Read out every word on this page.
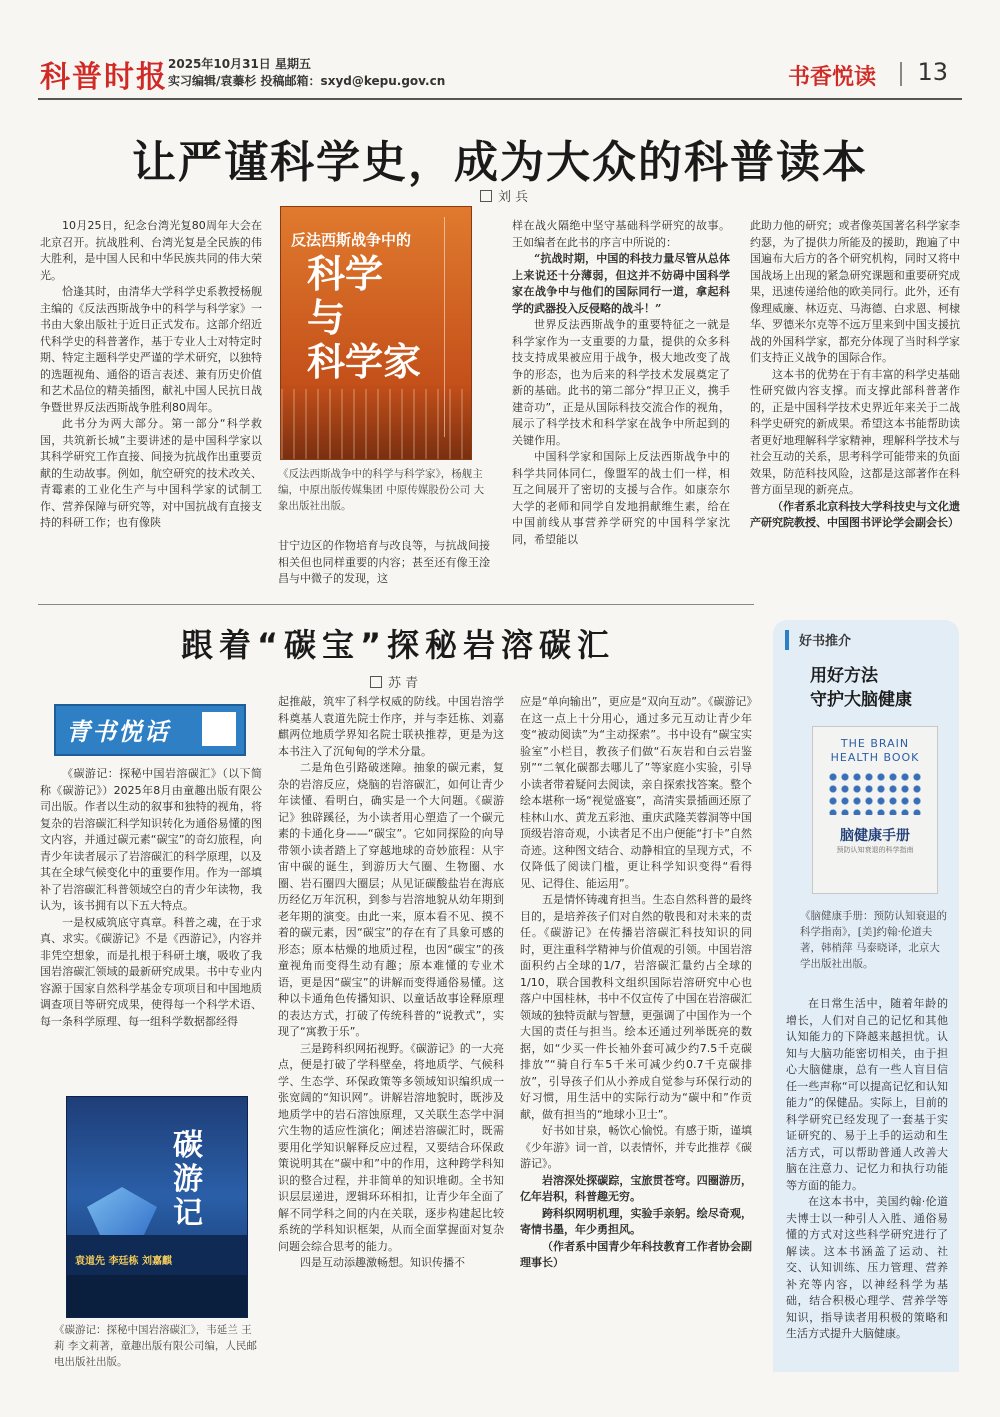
科普时报 2025年10月31日 星期五
实习编辑/袁蓁杉 投稿邮箱：sxyd@kepu.gov.cn	书香悦读 13
让严谨科学史，成为大众的科普读本
刘 兵

10月25日，纪念台湾光复80周年大会在北京召开。抗战胜利、台湾光复是全民族的伟大胜利，是中国人民和中华民族共同的伟大荣光。

恰逢其时，由清华大学科学史系教授杨舰主编的《反法西斯战争中的科学与科学家》一书由大象出版社于近日正式发布。这部介绍近代科学史的科普著作，基于专业人士对特定时期、特定主题科学史严谨的学术研究，以独特的选题视角、通俗的语言表述、兼有历史价值和艺术品位的精美插图，献礼中国人民抗日战争暨世界反法西斯战争胜利80周年。

此书分为两大部分。第一部分“科学救国，共筑新长城”主要讲述的是中国科学家以其科学研究工作直接、间接为抗战作出重要贡献的生动故事。例如，航空研究的技术改关、青霉素的工业化生产与中国科学家的试制工作、营养保障与研究等，对中国抗战有直接支持的科研工作；也有像陕

反法西斯战争中的
科学
与
科学家
《反法西斯战争中的科学与科学家》，杨舰主编，中原出版传媒集团 中原传媒股份公司 大象出版社出版。

甘宁边区的作物培育与改良等，与抗战间接相关但也同样重要的内容；甚至还有像王淦昌与中微子的发现，这

样在战火隔绝中坚守基础科学研究的故事。王如编者在此书的序言中所说的：

“抗战时期，中国的科技力量尽管从总体上来说还十分薄弱，但这并不妨碍中国科学家在战争中与他们的国际同行一道，拿起科学的武器投入反侵略的战斗！”

世界反法西斯战争的重要特征之一就是科学家作为一支重要的力量，提供的众多科技支持成果被应用于战争，极大地改变了战争的形态，也为后来的科学技术发展奠定了新的基础。此书的第二部分“捍卫正义，携手建奇功”，正是从国际科技交流合作的视角，展示了科学技术和科学家在战争中所起到的关键作用。

中国科学家和国际上反法西斯战争中的科学共同体同仁，像盟军的战士们一样，相互之间展开了密切的支援与合作。如康奈尔大学的老师和同学自发地捐献维生素，给在中国前线从事营养学研究的中国科学家沈同，希望能以

此助力他的研究；或者像英国著名科学家李约瑟，为了提供力所能及的援助，跑遍了中国遍布大后方的各个研究机构，同时又将中国战场上出现的紧急研究课题和重要研究成果，迅速传递给他的欧美同行。此外，还有像理威廉、林迈克、马海德、白求恩、柯棣华、罗德米尔克等不远万里来到中国支援抗战的外国科学家，都充分体现了当时科学家们支持正义战争的国际合作。

这本书的优势在于有丰富的科学史基础性研究做内容支撑。而支撑此部科普著作的，正是中国科学技术史界近年来关于二战科学史研究的新成果。希望这本书能帮助读者更好地理解科学家精神，理解科学技术与社会互动的关系，思考科学可能带来的负面效果，防范科技风险，这都是这部著作在科普方面呈现的新亮点。

（作者系北京科技大学科技史与文化遗产研究院教授、中国图书评论学会副会长）

跟着“碳宝”探秘岩溶碳汇
苏 青
青书悦话

《碳游记：探秘中国岩溶碳汇》（以下简称《碳游记》）2025年8月由童趣出版有限公司出版。作者以生动的叙事和独特的视角，将复杂的岩溶碳汇科学知识转化为通俗易懂的图文内容，并通过碳元素“碳宝”的奇幻旅程，向青少年读者展示了岩溶碳汇的科学原理，以及其在全球气候变化中的重要作用。作为一部填补了岩溶碳汇科普领域空白的青少年读物，我认为，该书拥有以下五大特点。

一是权威筑底守真章。科普之魂，在于求真、求实。《碳游记》不是《西游记》，内容并非凭空想象，而是扎根于科研土壤，吸收了我国岩溶碳汇领域的最新研究成果。书中专业内容源于国家自然科学基金专项项目和中国地质调查项目等研究成果，使得每一个科学术语、每一条科学原理、每一组科学数据都经得

碳
游
记
袁道先 李廷栋 刘嘉麒
《碳游记：探秘中国岩溶碳汇》，韦延兰 王莉 李文莉著，童趣出版有限公司编，人民邮电出版社出版。

起推敲，筑牢了科学权威的防线。中国岩溶学科奠基人袁道先院士作序，并与李廷栋、刘嘉麒两位地质学界知名院士联袂推荐，更是为这本书注入了沉甸甸的学术分量。

二是角色引路破迷障。抽象的碳元素，复杂的岩溶反应，烧脑的岩溶碳汇，如何让青少年读懂、看明白，确实是一个大问题。《碳游记》独辟蹊径，为小读者用心塑造了一个碳元素的卡通化身——“碳宝”。它如同探险的向导带领小读者踏上了穿越地球的奇妙旅程：从宇宙中碳的诞生，到游历大气圈、生物圈、水圈、岩石圈四大圈层；从见证碳酸盐岩在海底历经亿万年沉积，到参与岩溶地貌从幼年期到老年期的演变。由此一来，原本看不见、摸不着的碳元素，因“碳宝”的存在有了具象可感的形态；原本枯燥的地质过程，也因“碳宝”的孩童视角而变得生动有趣；原本难懂的专业术语，更是因“碳宝”的讲解而变得通俗易懂。这种以卡通角色传播知识、以童话故事诠释原理的表达方式，打破了传统科普的“说教式”，实现了“寓教于乐”。

三是跨科织网拓视野。《碳游记》的一大亮点，便是打破了学科壁垒，将地质学、气候科学、生态学、环保政策等多领域知识编织成一张宽阔的“知识网”。讲解岩溶地貌时，既涉及地质学中的岩石溶蚀原理，又关联生态学中洞穴生物的适应性演化；阐述岩溶碳汇时，既需要用化学知识解释反应过程，又要结合环保政策说明其在“碳中和”中的作用，这种跨学科知识的整合过程，并非简单的知识堆砌。全书知识层层递进，逻辑环环相扣，让青少年全面了解不同学科之间的内在关联，逐步构建起比较系统的学科知识框架，从而全面掌握面对复杂问题会综合思考的能力。

四是互动添趣激畅想。知识传播不

应是“单向输出”，更应是“双向互动”。《碳游记》在这一点上十分用心，通过多元互动让青少年变“被动阅读”为“主动探索”。书中设有“碳宝实验室”小栏目，教孩子们做“石灰岩和白云岩鉴别”“二氧化碳都去哪儿了”等家庭小实验，引导小读者带着疑问去阅读，亲自探索找答案。整个绘本堪称一场“视觉盛宴”，高清实景插画还原了桂林山水、黄龙五彩池、重庆武隆芙蓉洞等中国顶级岩溶奇观，小读者足不出户便能“打卡”自然奇迹。这种图文结合、动静相宜的呈现方式，不仅降低了阅读门槛，更让科学知识变得“看得见、记得住、能运用”。

五是情怀铸魂育担当。生态自然科普的最终目的，是培养孩子们对自然的敬畏和对未来的责任。《碳游记》在传播岩溶碳汇科技知识的同时，更注重科学精神与价值观的引领。中国岩溶面积约占全球的1/7，岩溶碳汇量约占全球的1/10，联合国教科文组织国际岩溶研究中心也落户中国桂林，书中不仅宣传了中国在岩溶碳汇领域的独特贡献与智慧，更强调了中国作为一个大国的责任与担当。绘本还通过列举既亮的数据，如“少买一件长袖外套可减少约7.5千克碳排放”“骑自行车5千米可减少约0.7千克碳排放”，引导孩子们从小养成自觉参与环保行动的好习惯，用生活中的实际行动为“碳中和”作贡献，做有担当的“地球小卫士”。

好书如甘泉，畅饮心愉悦。有感于斯，谨填《少年游》词一首，以表情怀，并专此推荐《碳游记》。

岩溶深处探碳踪，宝旅贯苍穹。四圈游历，亿年岩积，科普趣无穷。

跨科织网明机理，实验手亲躬。绘尽奇观，寄情书墨，年少勇担风。

（作者系中国青少年科技教育工作者协会副理事长）

好书推介
用好方法
守护大脑健康
THE BRAIN
HEALTH BOOK
脑健康手册
预防认知衰退的科学指南
《脑健康手册：预防认知衰退的科学指南》，[美]约翰·伦道夫著，韩梢萍 马泰晓译，北京大学出版社出版。

在日常生活中，随着年龄的增长，人们对自己的记忆和其他认知能力的下降越来越担忧。认知与大脑功能密切相关，由于担心大脑健康，总有一些人盲目信任一些声称“可以提高记忆和认知能力”的保健品。实际上，目前的科学研究已经发现了一套基于实证研究的、易于上手的运动和生活方式，可以帮助普通人改善大脑在注意力、记忆力和执行功能等方面的能力。

在这本书中，美国约翰·伦道夫博士以一种引人入胜、通俗易懂的方式对这些科学研究进行了解读。这本书涵盖了运动、社交、认知训练、压力管理、营养补充等内容，以神经科学为基础，结合积极心理学、营养学等知识，指导读者用积极的策略和生活方式提升大脑健康。
